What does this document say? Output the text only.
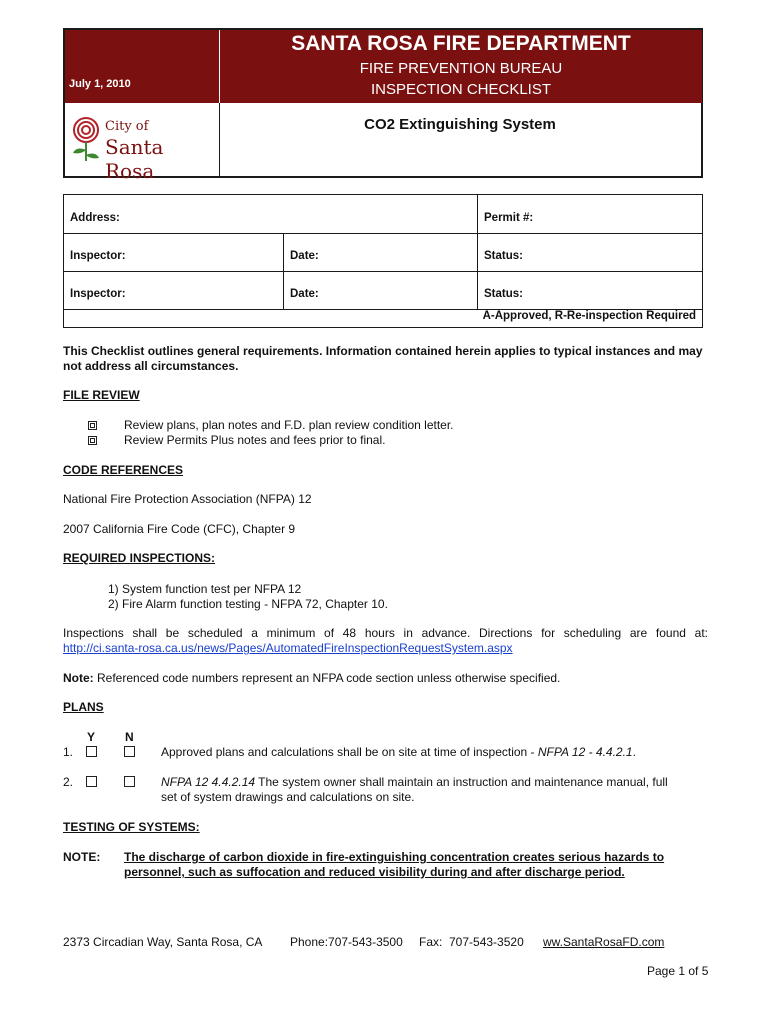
July 1, 2010
SANTA ROSA FIRE DEPARTMENT
FIRE PREVENTION BUREAU
INSPECTION CHECKLIST
City of
Santa Rosa
CO2 Extinguishing System
Address:	Permit #:
Inspector:	Date:	Status:
Inspector:	Date:	Status:
A-Approved, R-Re-inspection Required
This Checklist outlines general requirements. Information contained herein applies to typical instances and may not address all circumstances.
FILE REVIEW
Review plans, plan notes and F.D. plan review condition letter.
Review Permits Plus notes and fees prior to final.
CODE REFERENCES
National Fire Protection Association (NFPA) 12
2007 California Fire Code (CFC), Chapter 9
REQUIRED INSPECTIONS:
1) System function test per NFPA 12
2) Fire Alarm function testing - NFPA 72, Chapter 10.
Inspections shall be scheduled a minimum of 48 hours in advance. Directions for scheduling are found at:
http://ci.santa-rosa.ca.us/news/Pages/AutomatedFireInspectionRequestSystem.aspx
Note: Referenced code numbers represent an NFPA code section unless otherwise specified.
PLANS
Y N
1.	Approved plans and calculations shall be on site at time of inspection - NFPA 12 - 4.4.2.1.
2.	NFPA 12 4.4.2.14 The system owner shall maintain an instruction and maintenance manual, full
set of system drawings and calculations on site.
TESTING OF SYSTEMS:
NOTE: The discharge of carbon dioxide in fire-extinguishing concentration creates serious hazards to
personnel, such as suffocation and reduced visibility during and after discharge period.
2373 Circadian Way, Santa Rosa, CA Phone:707-543-3500 Fax:  707-543-3520 ww.SantaRosaFD.com
Page 1 of 5
